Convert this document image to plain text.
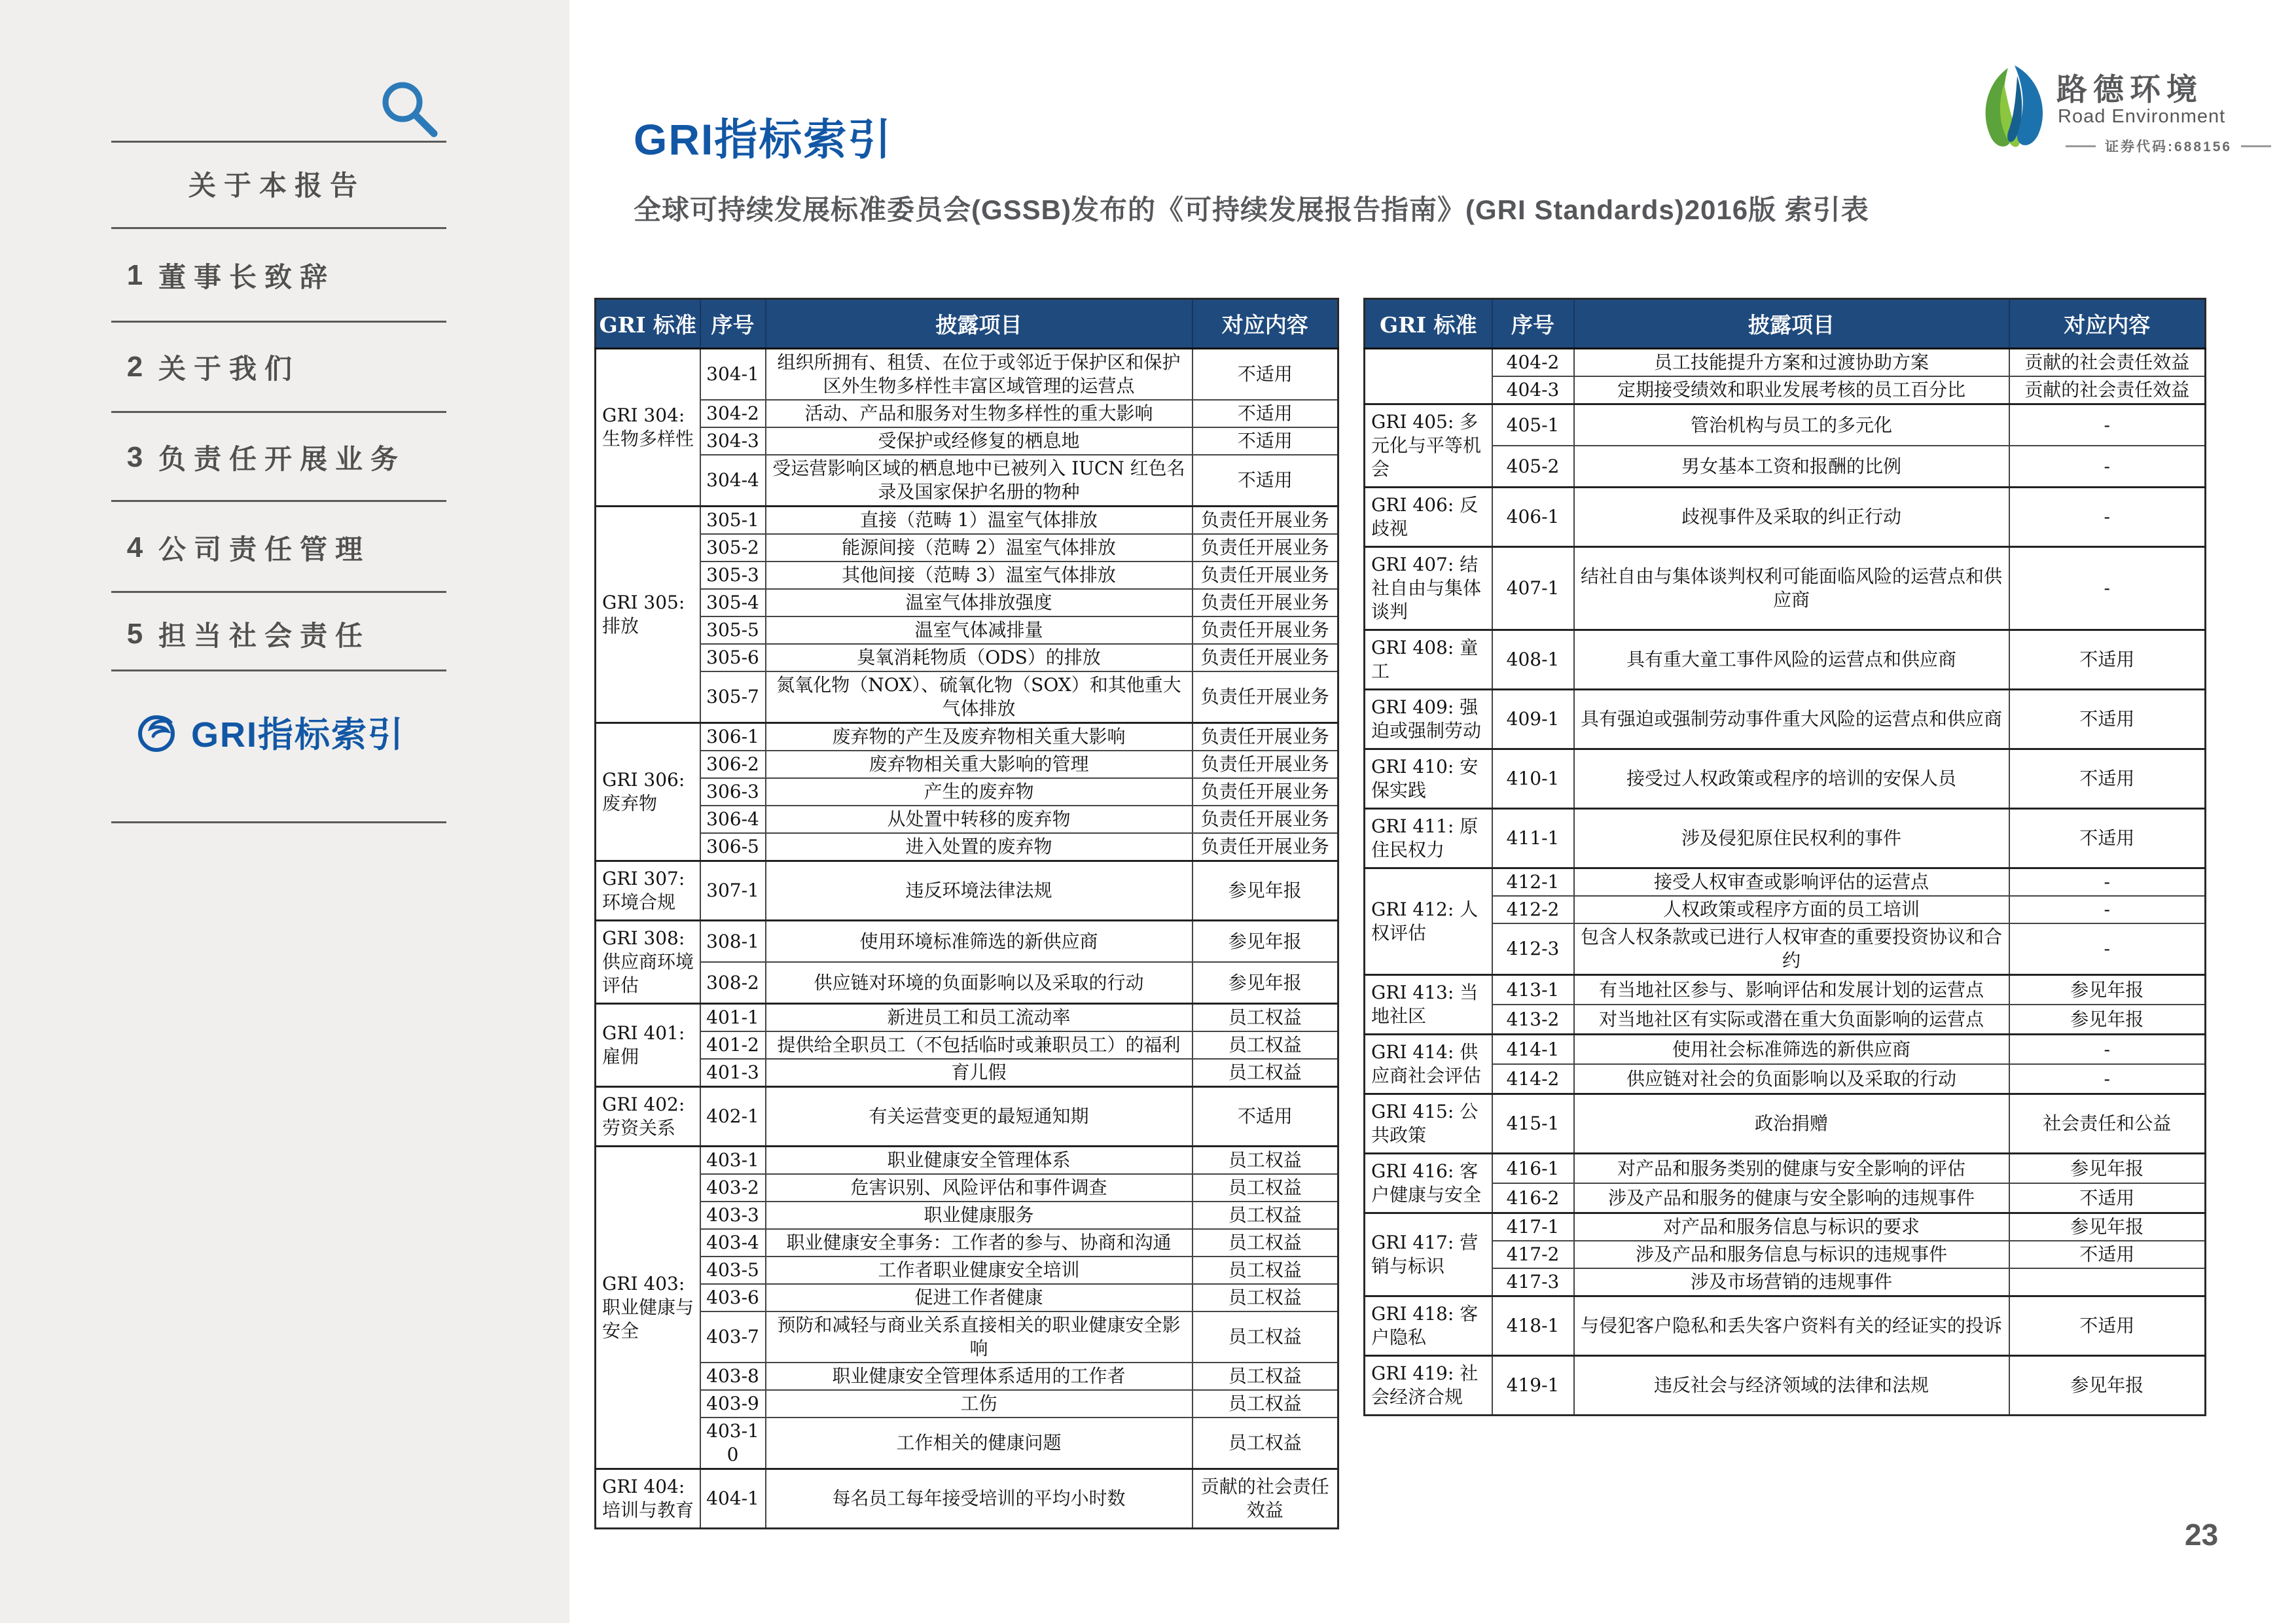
关于本报告
1 董事长致辞
2 关于我们
3 负责任开展业务
4 公司责任管理
5 担当社会责任
GRI指标索引
GRI指标索引

全球可持续发展标准委员会(GSSB)发布的《可持续发展报告指南》(GRI Standards)2016版 索引表

路德环境
Road Environment
证券代码:688156
GRI 标准	序号	披露项目	对应内容
GRI 304: 生物多样性	304-1	组织所拥有、租赁、在位于或邻近于保护区和保护区外生物多样性丰富区域管理的运营点	不适用
	304-2	活动、产品和服务对生物多样性的重大影响	不适用
	304-3	受保护或经修复的栖息地	不适用
	304-4	受运营影响区域的栖息地中已被列入 IUCN 红色名录及国家保护名册的物种	不适用
GRI 305: 排放	305-1	直接（范畴 1）温室气体排放	负责任开展业务
	305-2	能源间接（范畴 2）温室气体排放	负责任开展业务
	305-3	其他间接（范畴 3）温室气体排放	负责任开展业务
	305-4	温室气体排放强度	负责任开展业务
	305-5	温室气体减排量	负责任开展业务
	305-6	臭氧消耗物质（ODS）的排放	负责任开展业务
	305-7	氮氧化物（NOX）、硫氧化物（SOX）和其他重大气体排放	负责任开展业务
GRI 306: 废弃物	306-1	废弃物的产生及废弃物相关重大影响	负责任开展业务
	306-2	废弃物相关重大影响的管理	负责任开展业务
	306-3	产生的废弃物	负责任开展业务
	306-4	从处置中转移的废弃物	负责任开展业务
	306-5	进入处置的废弃物	负责任开展业务
GRI 307: 环境合规	307-1	违反环境法律法规	参见年报
GRI 308: 供应商环境评估	308-1	使用环境标准筛选的新供应商	参见年报
	308-2	供应链对环境的负面影响以及采取的行动	参见年报
GRI 401: 雇佣	401-1	新进员工和员工流动率	员工权益
	401-2	提供给全职员工（不包括临时或兼职员工）的福利	员工权益
	401-3	育儿假	员工权益
GRI 402: 劳资关系	402-1	有关运营变更的最短通知期	不适用
GRI 403: 职业健康与安全	403-1	职业健康安全管理体系	员工权益
	403-2	危害识别、风险评估和事件调查	员工权益
	403-3	职业健康服务	员工权益
	403-4	职业健康安全事务：工作者的参与、协商和沟通	员工权益
	403-5	工作者职业健康安全培训	员工权益
	403-6	促进工作者健康	员工权益
	403-7	预防和减轻与商业关系直接相关的职业健康安全影响	员工权益
	403-8	职业健康安全管理体系适用的工作者	员工权益
	403-9	工伤	员工权益
	403-10	工作相关的健康问题	员工权益
GRI 404: 培训与教育	404-1	每名员工每年接受培训的平均小时数	贡献的社会责任效益
GRI 标准	序号	披露项目	对应内容
	404-2	员工技能提升方案和过渡协助方案	贡献的社会责任效益
	404-3	定期接受绩效和职业发展考核的员工百分比	贡献的社会责任效益
GRI 405: 多元化与平等机会	405-1	管治机构与员工的多元化	-
	405-2	男女基本工资和报酬的比例	-
GRI 406: 反歧视	406-1	歧视事件及采取的纠正行动	-
GRI 407: 结社自由与集体谈判	407-1	结社自由与集体谈判权利可能面临风险的运营点和供应商	-
GRI 408: 童工	408-1	具有重大童工事件风险的运营点和供应商	不适用
GRI 409: 强迫或强制劳动	409-1	具有强迫或强制劳动事件重大风险的运营点和供应商	不适用
GRI 410: 安保实践	410-1	接受过人权政策或程序的培训的安保人员	不适用
GRI 411: 原住民权力	411-1	涉及侵犯原住民权利的事件	不适用
GRI 412: 人权评估	412-1	接受人权审查或影响评估的运营点	-
	412-2	人权政策或程序方面的员工培训	-
	412-3	包含人权条款或已进行人权审查的重要投资协议和合约	-
GRI 413: 当地社区	413-1	有当地社区参与、影响评估和发展计划的运营点	参见年报
	413-2	对当地社区有实际或潜在重大负面影响的运营点	参见年报
GRI 414: 供应商社会评估	414-1	使用社会标准筛选的新供应商	-
	414-2	供应链对社会的负面影响以及采取的行动	-
GRI 415: 公共政策	415-1	政治捐赠	社会责任和公益
GRI 416: 客户健康与安全	416-1	对产品和服务类别的健康与安全影响的评估	参见年报
	416-2	涉及产品和服务的健康与安全影响的违规事件	不适用
GRI 417: 营销与标识	417-1	对产品和服务信息与标识的要求	参见年报
	417-2	涉及产品和服务信息与标识的违规事件	不适用
	417-3	涉及市场营销的违规事件	
GRI 418: 客户隐私	418-1	与侵犯客户隐私和丢失客户资料有关的经证实的投诉	不适用
GRI 419: 社会经济合规	419-1	违反社会与经济领域的法律和法规	参见年报
23
